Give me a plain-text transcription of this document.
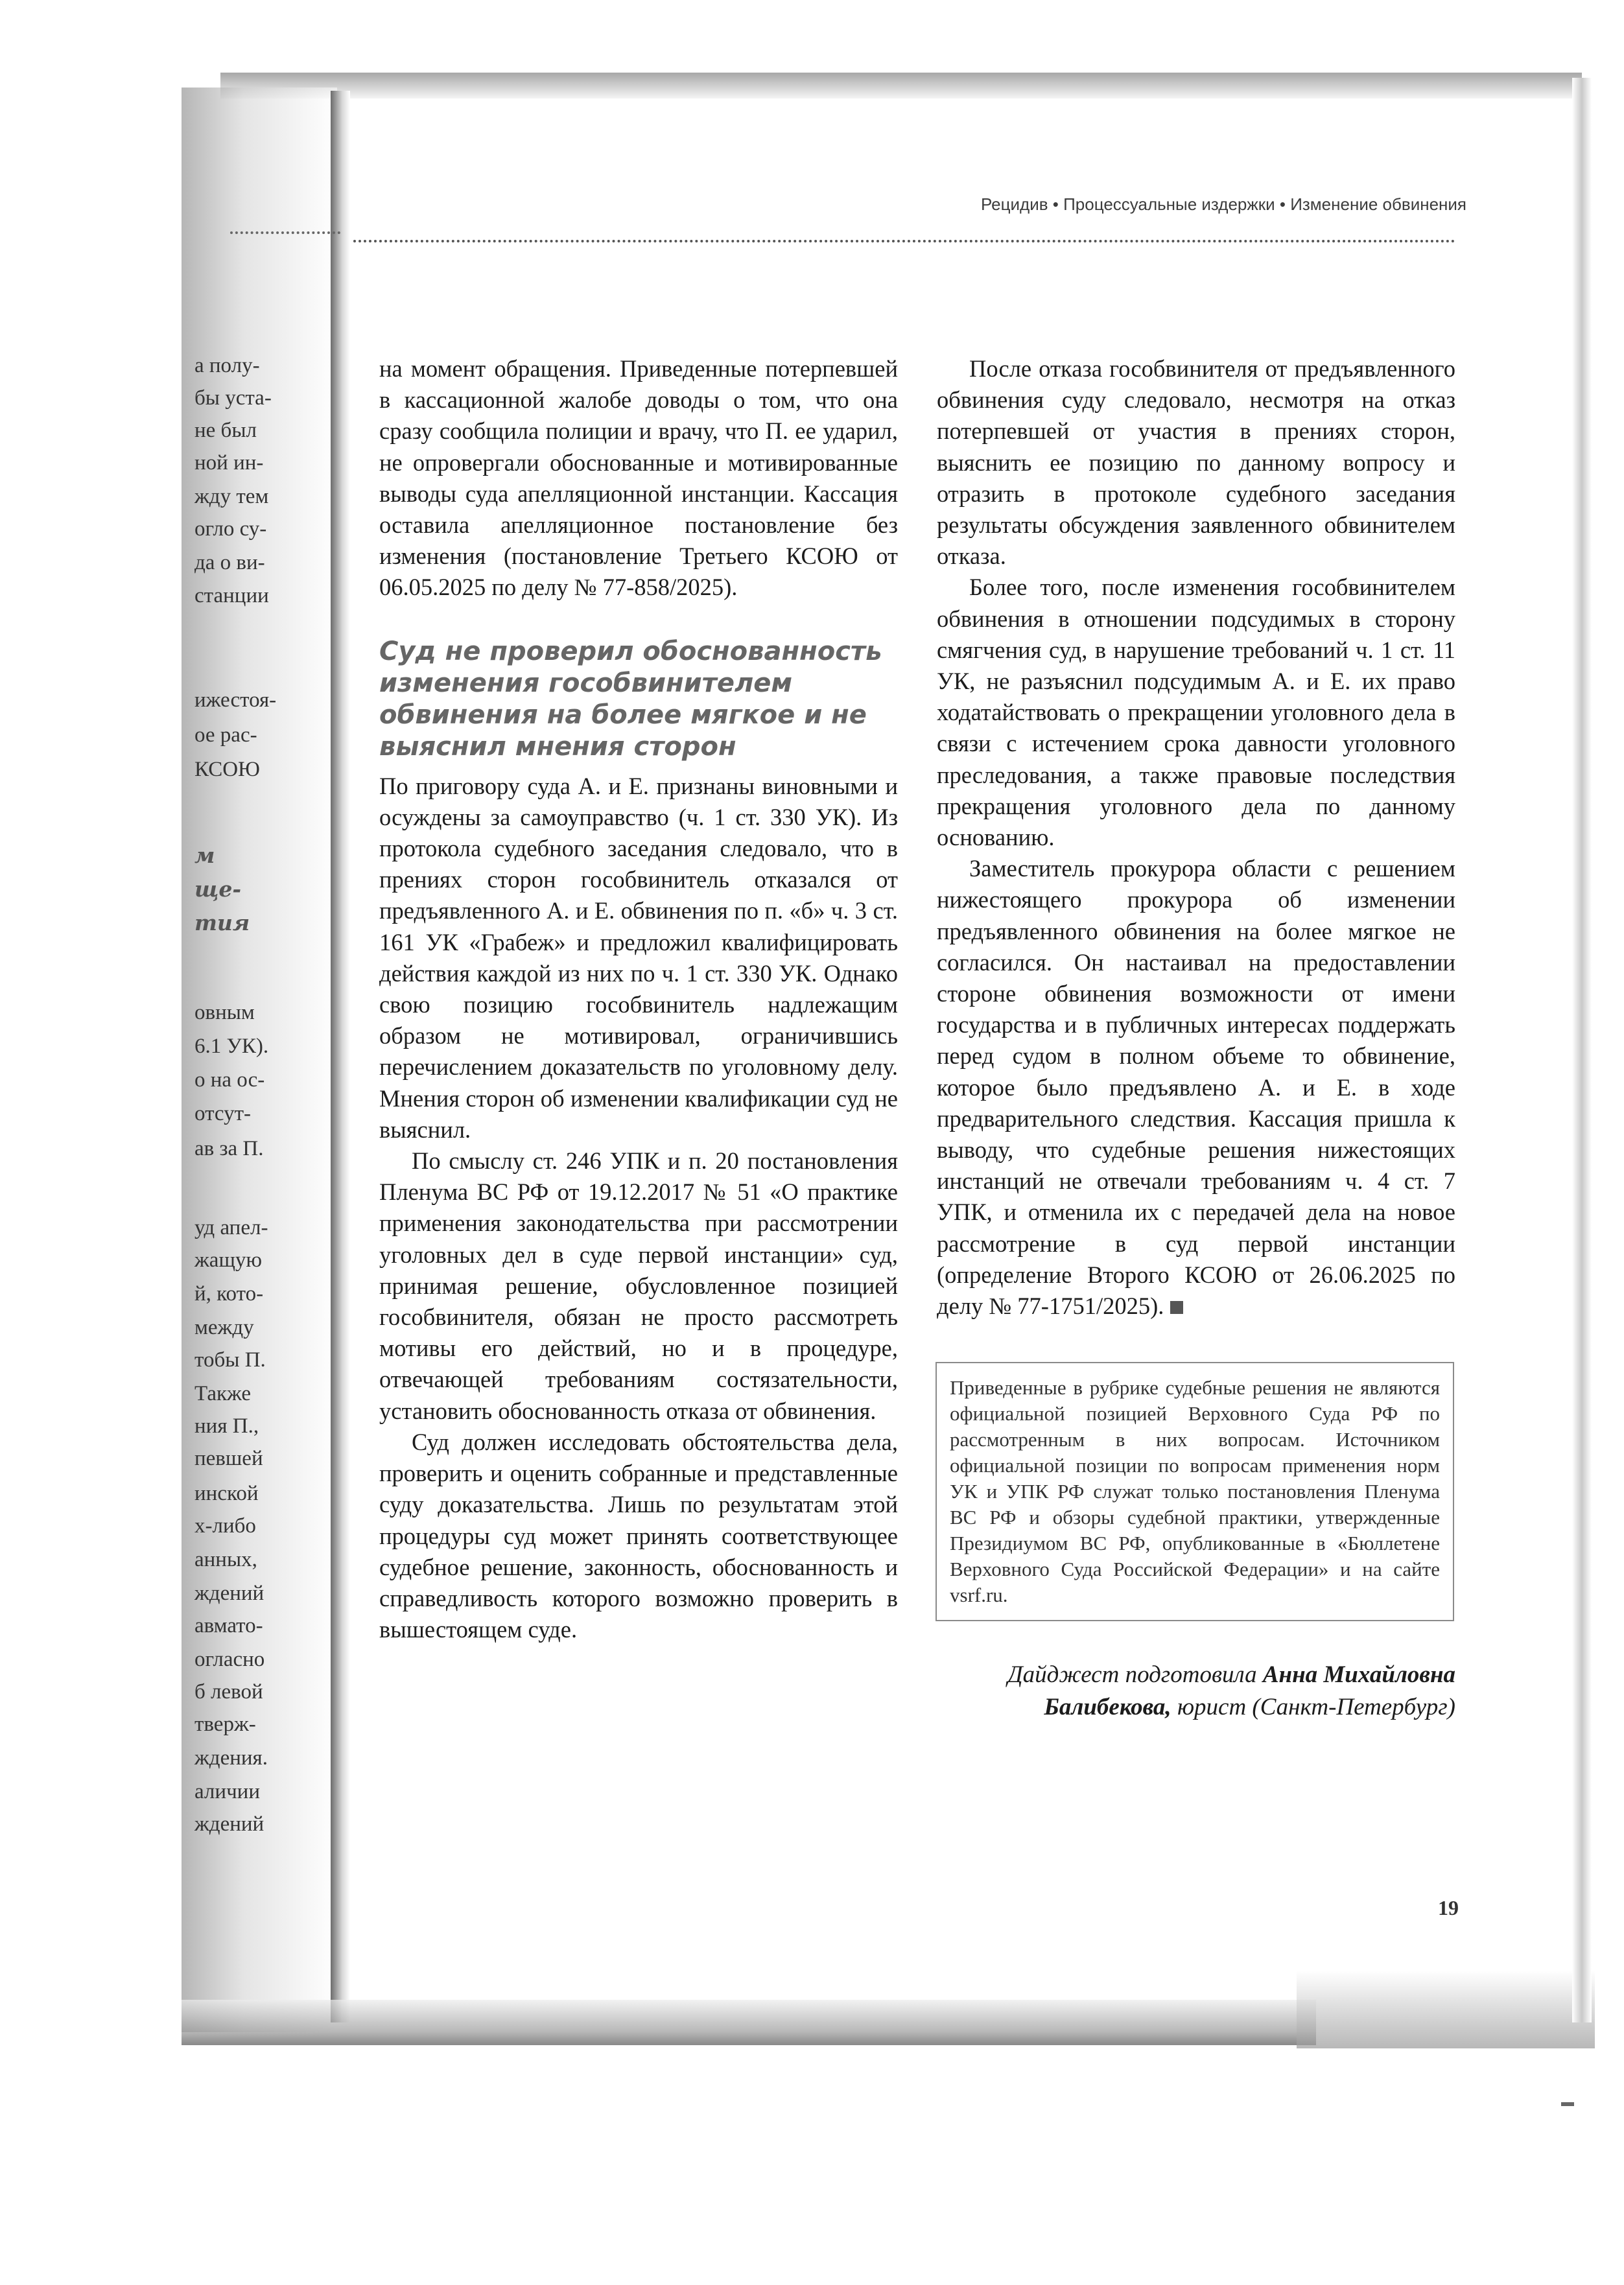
а полу-
бы уста-
не был
ной ин-
жду тем
огло су-
да о ви-
станции
ижестоя-
ое рас-
КСОЮ
м
ще-
тия
овным
6.1 УК).
о на ос-
отсут-
ав за П.
уд апел-
жащую
й, кото-
между
тобы П.
Также
ния П.,
певшей
инской
х-либо
анных,
ждений
авмато-
огласно
б левой
тверж-
ждения.
аличии
ждений
Рецидив • Процессуальные издержки • Изменение обвинения

на момент обращения. Приведенные потерпевшей в кассационной жалобе доводы о том, что она сразу сообщила полиции и врачу, что П. ее ударил, не опровергали обоснованные и мотивированные выводы суда апелляционной инстанции. Кассация оставила апелляционное постановление без изменения (постановление Третьего КСОЮ от 06.05.2025 по делу № 77-858/2025).

Суд не проверил обоснованность изменения гособвинителем обвинения на более мягкое и не выяснил мнения сторон

По приговору суда А. и Е. признаны виновными и осуждены за самоуправство (ч. 1 ст. 330 УК). Из протокола судебного заседания следовало, что в прениях сторон гособвинитель отказался от предъявленного А. и Е. обвинения по п. «б» ч. 3 ст. 161 УК «Грабеж» и предложил квалифицировать действия каждой из них по ч. 1 ст. 330 УК. Однако свою позицию гособвинитель надлежащим образом не мотивировал, ограничившись перечислением доказательств по уголовному делу. Мнения сторон об изменении квалификации суд не выяснил.

По смыслу ст. 246 УПК и п. 20 постановления Пленума ВС РФ от 19.12.2017 № 51 «О практике применения законодательства при рассмотрении уголовных дел в суде первой инстанции» суд, принимая решение, обусловленное позицией гособвинителя, обязан не просто рассмотреть мотивы его действий, но и в процедуре, отвечающей требованиям состязательности, установить обоснованность отказа от обвинения.

Суд должен исследовать обстоятельства дела, проверить и оценить собранные и представленные суду доказательства. Лишь по результатам этой процедуры суд может принять соответствующее судебное решение, законность, обоснованность и справедливость которого возможно проверить в вышестоящем суде.

После отказа гособвинителя от предъявленного обвинения суду следовало, несмотря на отказ потерпевшей от участия в прениях сторон, выяснить ее позицию по данному вопросу и отразить в протоколе судебного заседания результаты обсуждения заявленного обвинителем отказа.

Более того, после изменения гособвинителем обвинения в отношении подсудимых в сторону смягчения суд, в нарушение требований ч. 1 ст. 11 УК, не разъяснил подсудимым А. и Е. их право ходатайствовать о прекращении уголовного дела в связи с истечением срока давности уголовного преследования, а также правовые последствия прекращения уголовного дела по данному основанию.

Заместитель прокурора области с решением нижестоящего прокурора об изменении предъявленного обвинения на более мягкое не согласился. Он настаивал на предоставлении стороне обвинения возможности от имени государства и в публичных интересах поддержать перед судом в полном объеме то обвинение, которое было предъявлено А. и Е. в ходе предварительного следствия. Кассация пришла к выводу, что судебные решения нижестоящих инстанций не отвечали требованиям ч. 4 ст. 7 УПК, и отменила их с передачей дела на новое рассмотрение в суд первой инстанции (определение Второго КСОЮ от 26.06.2025 по делу № 77-1751/2025).

Приведенные в рубрике судебные решения не являются официальной позицией Верховного Суда РФ по рассмотренным в них вопросам. Источником официальной позиции по вопросам применения норм УК и УПК РФ служат только постановления Пленума ВС РФ и обзоры судебной практики, утвержденные Президиумом ВС РФ, опубликованные в «Бюллетене Верховного Суда Российской Федерации» и на сайте vsrf.ru.
Дайджест подготовила Анна Михайловна Балибекова, юрист (Санкт-Петербург)
19
